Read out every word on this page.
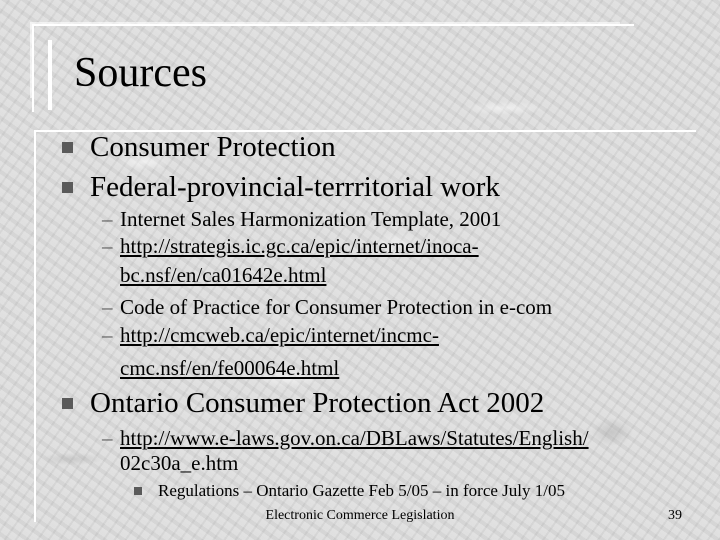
Sources
Consumer Protection
Federal-provincial-terrritorial work
– Internet Sales Harmonization Template, 2001
– http://strategis.ic.gc.ca/epic/internet/inoca-
bc.nsf/en/ca01642e.html
– Code of Practice for Consumer Protection in e-com
– http://cmcweb.ca/epic/internet/incmc-
cmc.nsf/en/fe00064e.html
Ontario Consumer Protection Act 2002
– http://www.e-laws.gov.on.ca/DBLaws/Statutes/English/
02c30a_e.htm
Regulations – Ontario Gazette Feb 5/05 – in force July 1/05
Electronic Commerce Legislation	39
